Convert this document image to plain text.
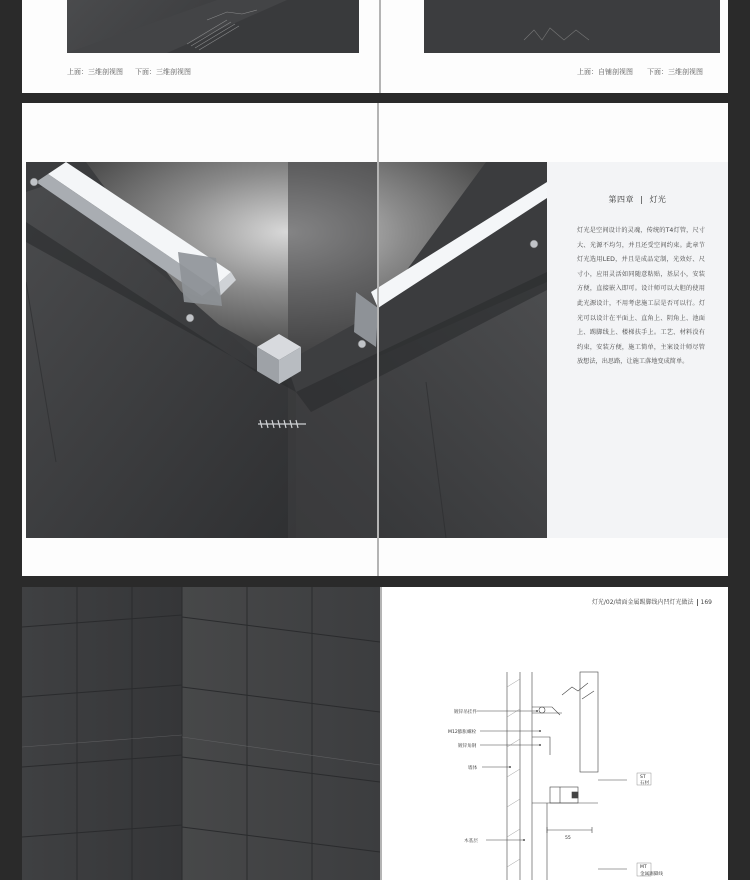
上面：三维剖视图 下面：三维剖视图	上面：自铺剖视图 下面：三维剖视图
第四章 | 灯光
灯光是空间设计的灵魂，传统的T4灯管，尺寸大、光源不均匀，并且还受空间约束。此章节灯光选用LED，并且是成品定制，光效好、尺寸小，应用灵活如同随意粘贴，基层小，安装方便，直接嵌入即可。设计师可以大胆的使用此光源设计，不用考虑施工层是否可以行。灯光可以设计在平面上、直角上、阴角上、池面上、踢脚线上、楼梯扶手上。工艺、材料没有约束，安装方便，施工简单，主案设计师尽管放想法，出思路，让施工落地变成简单。
灯光/02/墙面金属踢脚线内凹灯光做法 169
镀锌吊挂件
M12膨胀螺栓
镀锌角钢
墙体
木基层
ST
石材
MT
金属踢脚线
55
